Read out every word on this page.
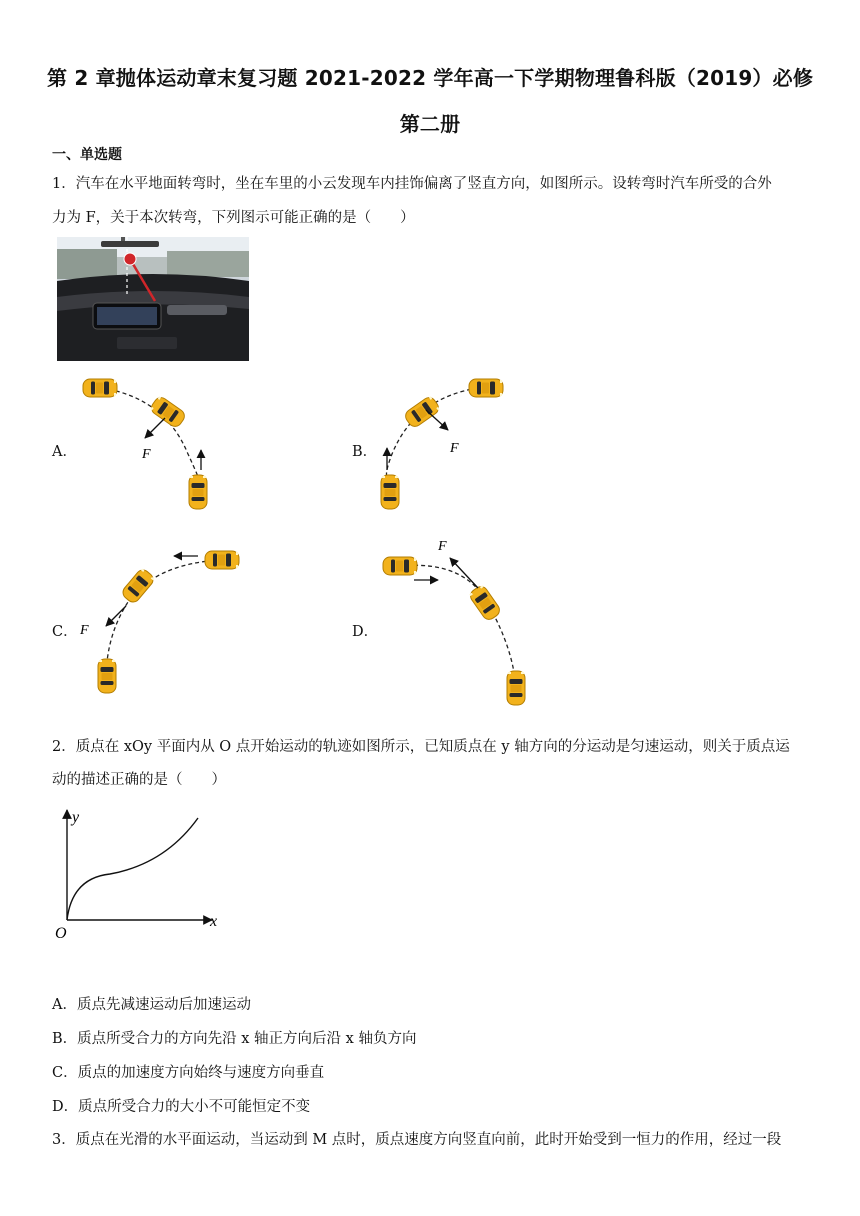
第 2 章抛体运动章末复习题 2021-2022 学年高一下学期物理鲁科版（2019）必修
第二册
一、单选题
1．汽车在水平地面转弯时，坐在车里的小云发现车内挂饰偏离了竖直方向，如图所示。设转弯时汽车所受的合外
力为 F，关于本次转弯，下列图示可能正确的是（　　）
A．	F	B．	F
C． F	D．
F
2．质点在 xOy 平面内从 O 点开始运动的轨迹如图所示，已知质点在 y 轴方向的分运动是匀速运动，则关于质点运
动的描述正确的是（　　）
y
x
O
A．质点先减速运动后加速运动
B．质点所受合力的方向先沿 x 轴正方向后沿 x 轴负方向
C．质点的加速度方向始终与速度方向垂直
D．质点所受合力的大小不可能恒定不变
3．质点在光滑的水平面运动，当运动到 M 点时，质点速度方向竖直向前，此时开始受到一恒力的作用，经过一段
